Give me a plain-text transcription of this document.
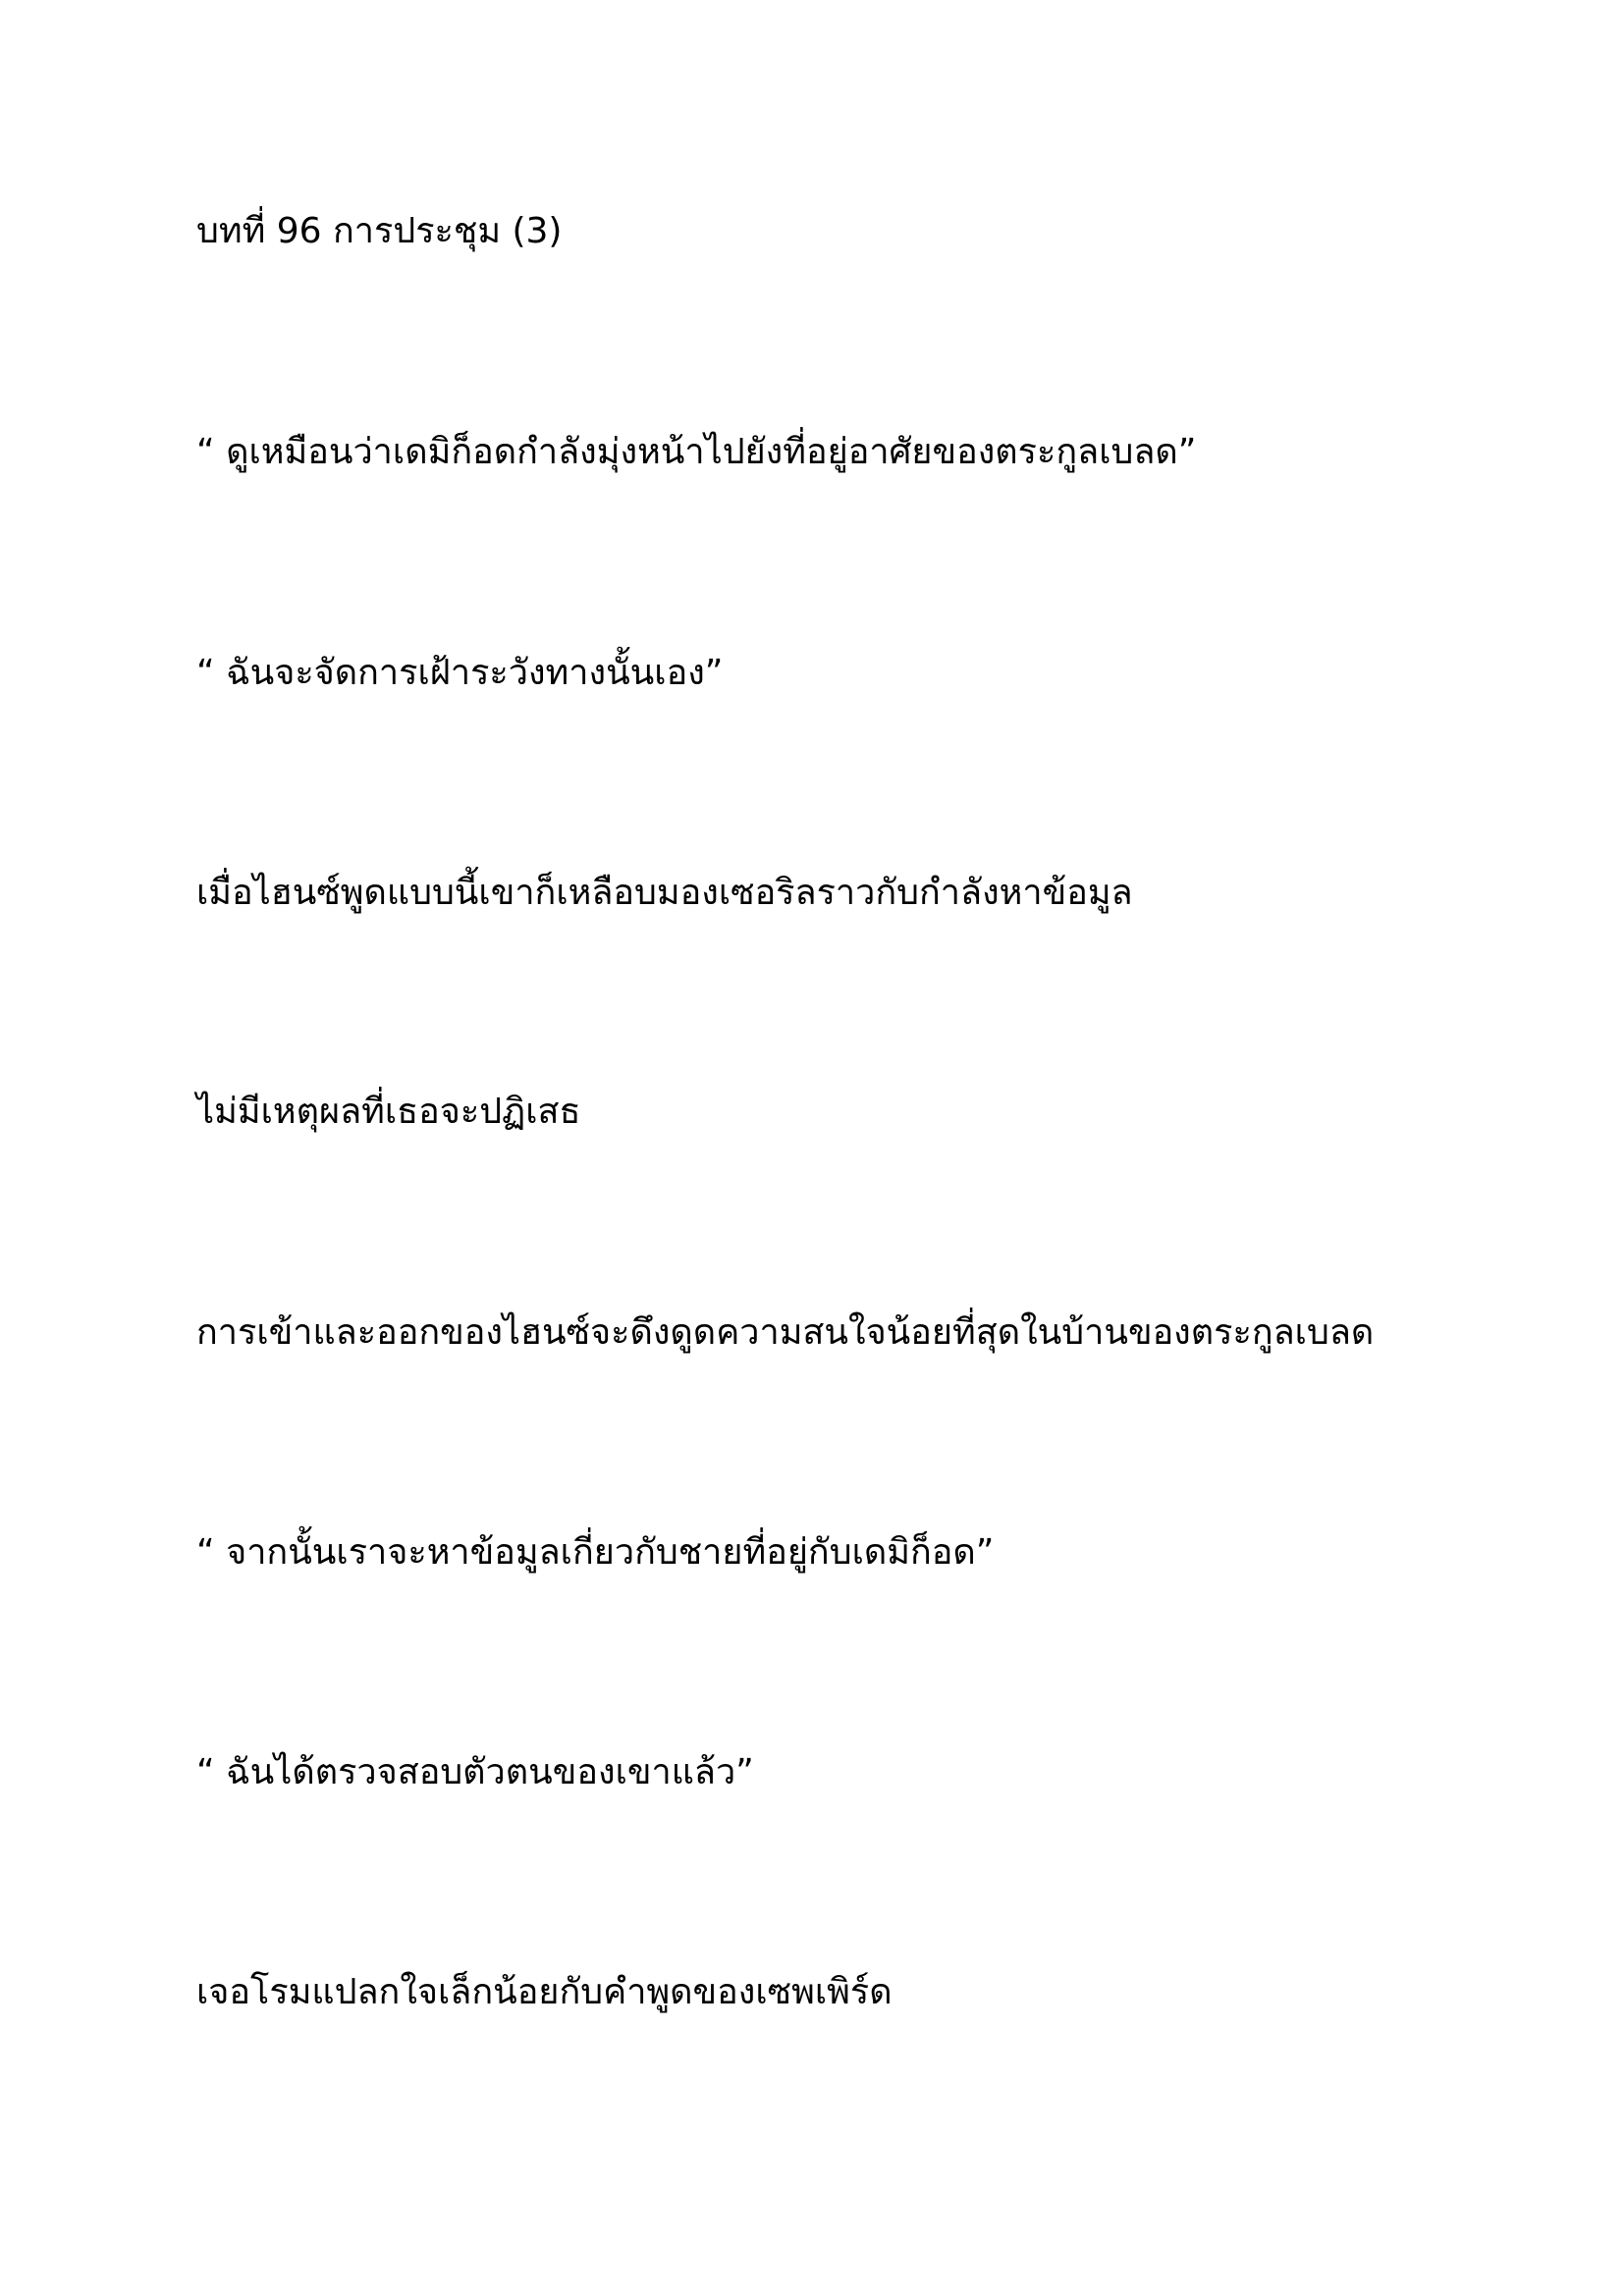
บทที่ 96 การประชุม (3)

“ ดูเหมือนว่าเดมิก็อดกำลังมุ่งหน้าไปยังที่อยู่อาศัยของตระกูลเบลด”

“ ฉันจะจัดการเฝ้าระวังทางนั้นเอง”

เมื่อไฮนซ์พูดแบบนี้เขาก็เหลือบมองเซอริลราวกับกำลังหาข้อมูล

ไม่มีเหตุผลที่เธอจะปฏิเสธ

การเข้าและออกของไฮนซ์จะดึงดูดความสนใจน้อยที่สุดในบ้านของตระกูลเบลด

“ จากนั้นเราจะหาข้อมูลเกี่ยวกับชายที่อยู่กับเดมิก็อด”

“ ฉันได้ตรวจสอบตัวตนของเขาแล้ว”

เจอโรมแปลกใจเล็กน้อยกับคำพูดของเซพเพิร์ด
